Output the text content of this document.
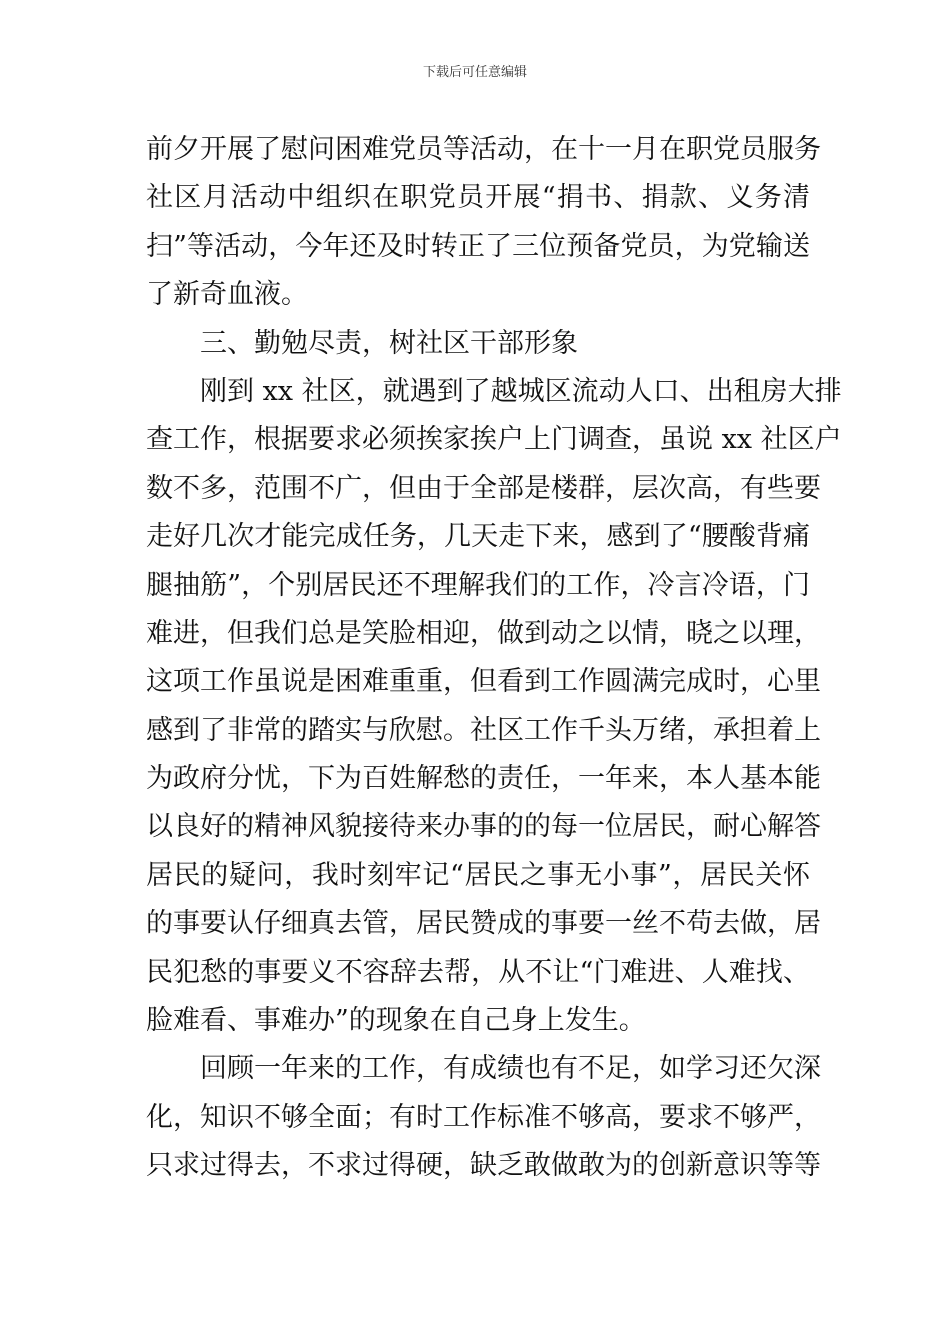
下载后可任意编辑
前夕开展了慰问困难党员等活动，在十一月在职党员服务
社区月活动中组织在职党员开展“捐书、捐款、义务清
扫”等活动，今年还及时转正了三位预备党员，为党输送
了新奇血液。
三、勤勉尽责，树社区干部形象
刚到 xx 社区，就遇到了越城区流动人口、出租房大排
查工作，根据要求必须挨家挨户上门调查，虽说 xx 社区户
数不多，范围不广，但由于全部是楼群，层次高，有些要
走好几次才能完成任务，几天走下来，感到了“腰酸背痛
腿抽筋”，个别居民还不理解我们的工作，冷言冷语，门
难进，但我们总是笑脸相迎，做到动之以情，晓之以理，
这项工作虽说是困难重重，但看到工作圆满完成时，心里
感到了非常的踏实与欣慰。社区工作千头万绪，承担着上
为政府分忧，下为百姓解愁的责任，一年来，本人基本能
以良好的精神风貌接待来办事的的每一位居民，耐心解答
居民的疑问，我时刻牢记“居民之事无小事”，居民关怀
的事要认仔细真去管，居民赞成的事要一丝不苟去做，居
民犯愁的事要义不容辞去帮，从不让“门难进、人难找、
脸难看、事难办”的现象在自己身上发生。
回顾一年来的工作，有成绩也有不足，如学习还欠深
化，知识不够全面；有时工作标准不够高，要求不够严，
只求过得去，不求过得硬，缺乏敢做敢为的创新意识等等
